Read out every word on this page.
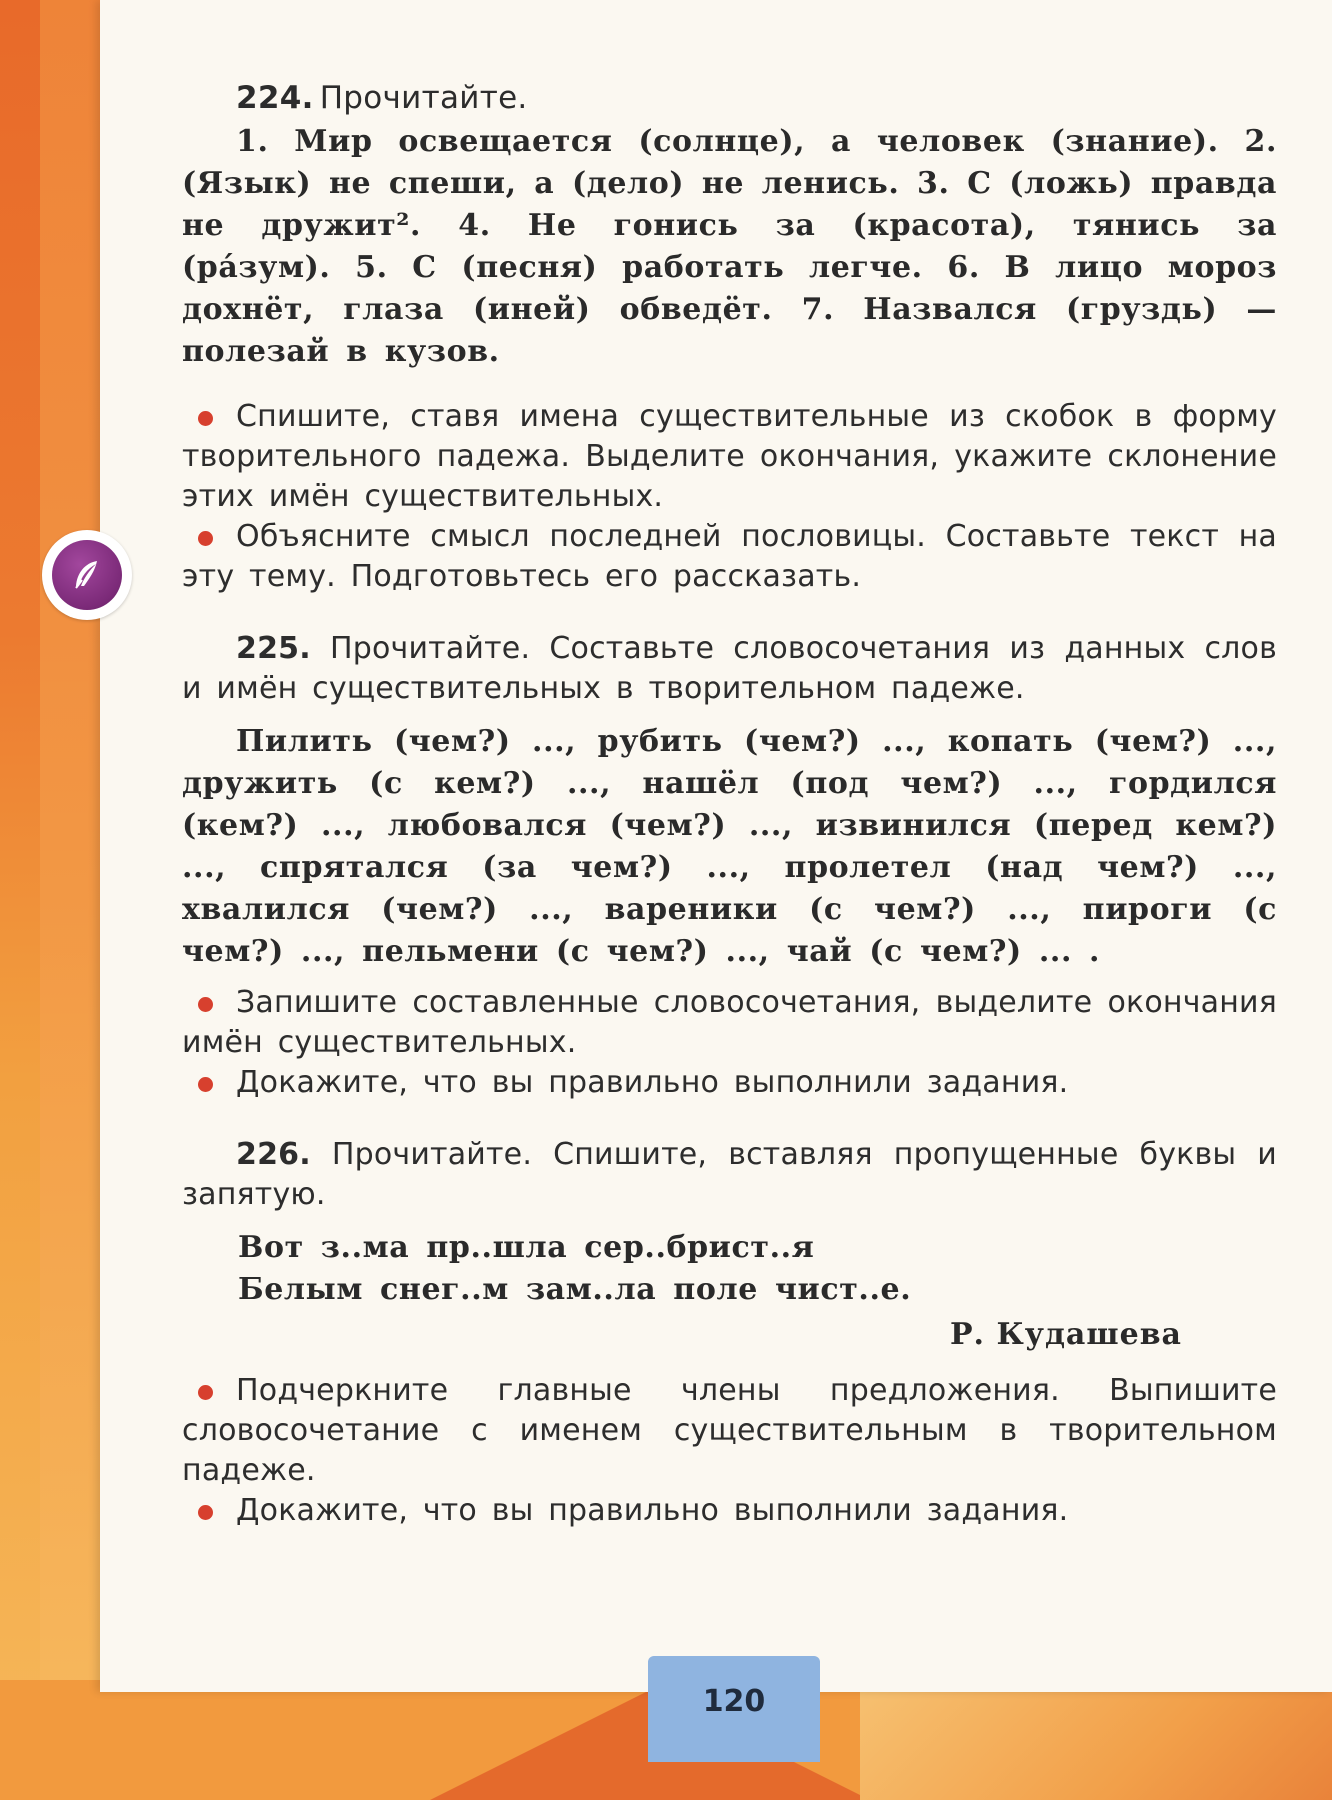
224. Прочитайте.
1. Мир освещается (солнце), а человек (знание). 2. (Язык) не спеши, а (дело) не ленись. 3. С (ложь) правда не дружит². 4. Не гонись за (красота), тянись за (ра́зум). 5. С (песня) работать легче. 6. В лицо мороз дохнёт, глаза (иней) обведёт. 7. Назвался (груздь) — полезай в кузов.
Спишите, ставя имена существительные из скобок в форму творительного падежа. Выделите окончания, укажите склонение этих имён существительных.
Объясните смысл последней пословицы. Составьте текст на эту тему. Подготовьтесь его рассказать.
225. Прочитайте. Составьте словосочетания из данных слов и имён существительных в творительном падеже.
Пилить (чем?) ..., рубить (чем?) ..., копать (чем?) ..., дружить (с кем?) ..., нашёл (под чем?) ..., гордился (кем?) ..., любовался (чем?) ..., извинился (перед кем?) ..., спрятался (за чем?) ..., пролетел (над чем?) ..., хвалился (чем?) ..., вареники (с чем?) ..., пироги (с чем?) ..., пельмени (с чем?) ..., чай (с чем?) ... .
Запишите составленные словосочетания, выделите окончания имён существительных.
Докажите, что вы правильно выполнили задания.
226. Прочитайте. Спишите, вставляя пропущенные буквы и запятую.
Вот з..ма пр..шла сер..брист..я
Белым снег..м зам..ла поле чист..е.
Р. Кудашева
Подчеркните главные члены предложения. Выпишите словосочетание с именем существительным в творительном падеже.
Докажите, что вы правильно выполнили задания.
120
